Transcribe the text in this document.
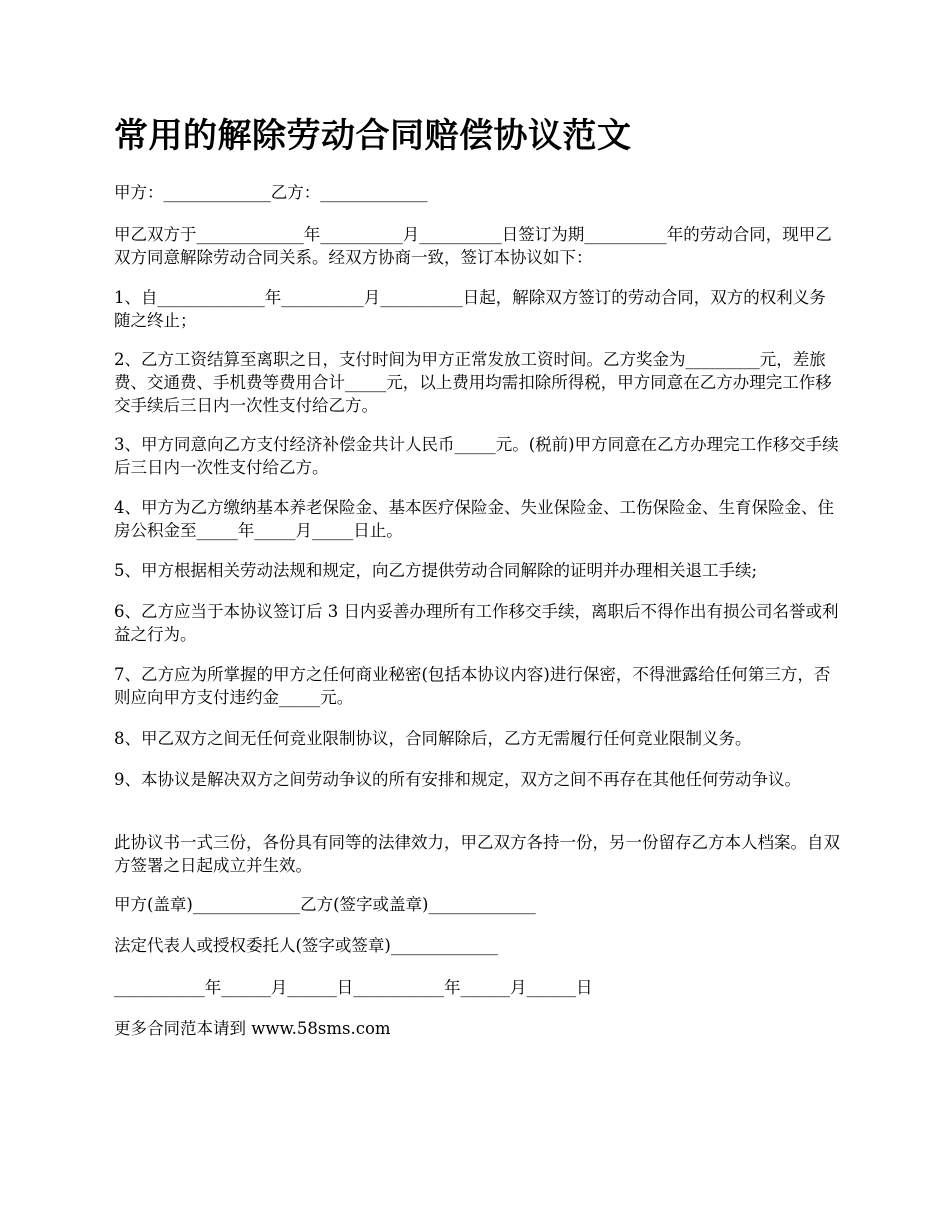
常用的解除劳动合同赔偿协议范文

甲方：_____________乙方：_____________

甲乙双方于_____________年__________月__________日签订为期__________年的劳动合同，现甲乙双方同意解除劳动合同关系。经双方协商一致，签订本协议如下：

1、自_____________年__________月__________日起，解除双方签订的劳动合同，双方的权利义务随之终止；

2、乙方工资结算至离职之日，支付时间为甲方正常发放工资时间。乙方奖金为_________元，差旅费、交通费、手机费等费用合计_____元，以上费用均需扣除所得税，甲方同意在乙方办理完工作移交手续后三日内一次性支付给乙方。

3、甲方同意向乙方支付经济补偿金共计人民币_____元。(税前)甲方同意在乙方办理完工作移交手续后三日内一次性支付给乙方。

4、甲方为乙方缴纳基本养老保险金、基本医疗保险金、失业保险金、工伤保险金、生育保险金、住房公积金至_____年_____月_____日止。

5、甲方根据相关劳动法规和规定，向乙方提供劳动合同解除的证明并办理相关退工手续;

6、乙方应当于本协议签订后 3 日内妥善办理所有工作移交手续，离职后不得作出有损公司名誉或利益之行为。

7、乙方应为所掌握的甲方之任何商业秘密(包括本协议内容)进行保密，不得泄露给任何第三方，否则应向甲方支付违约金_____元。

8、甲乙双方之间无任何竞业限制协议，合同解除后，乙方无需履行任何竞业限制义务。

9、本协议是解决双方之间劳动争议的所有安排和规定，双方之间不再存在其他任何劳动争议。

此协议书一式三份，各份具有同等的法律效力，甲乙双方各持一份，另一份留存乙方本人档案。自双方签署之日起成立并生效。

甲方(盖章)_____________乙方(签字或盖章)_____________

法定代表人或授权委托人(签字或签章)_____________

___________年______月______日___________年______月______日

更多合同范本请到 www.58sms.com
